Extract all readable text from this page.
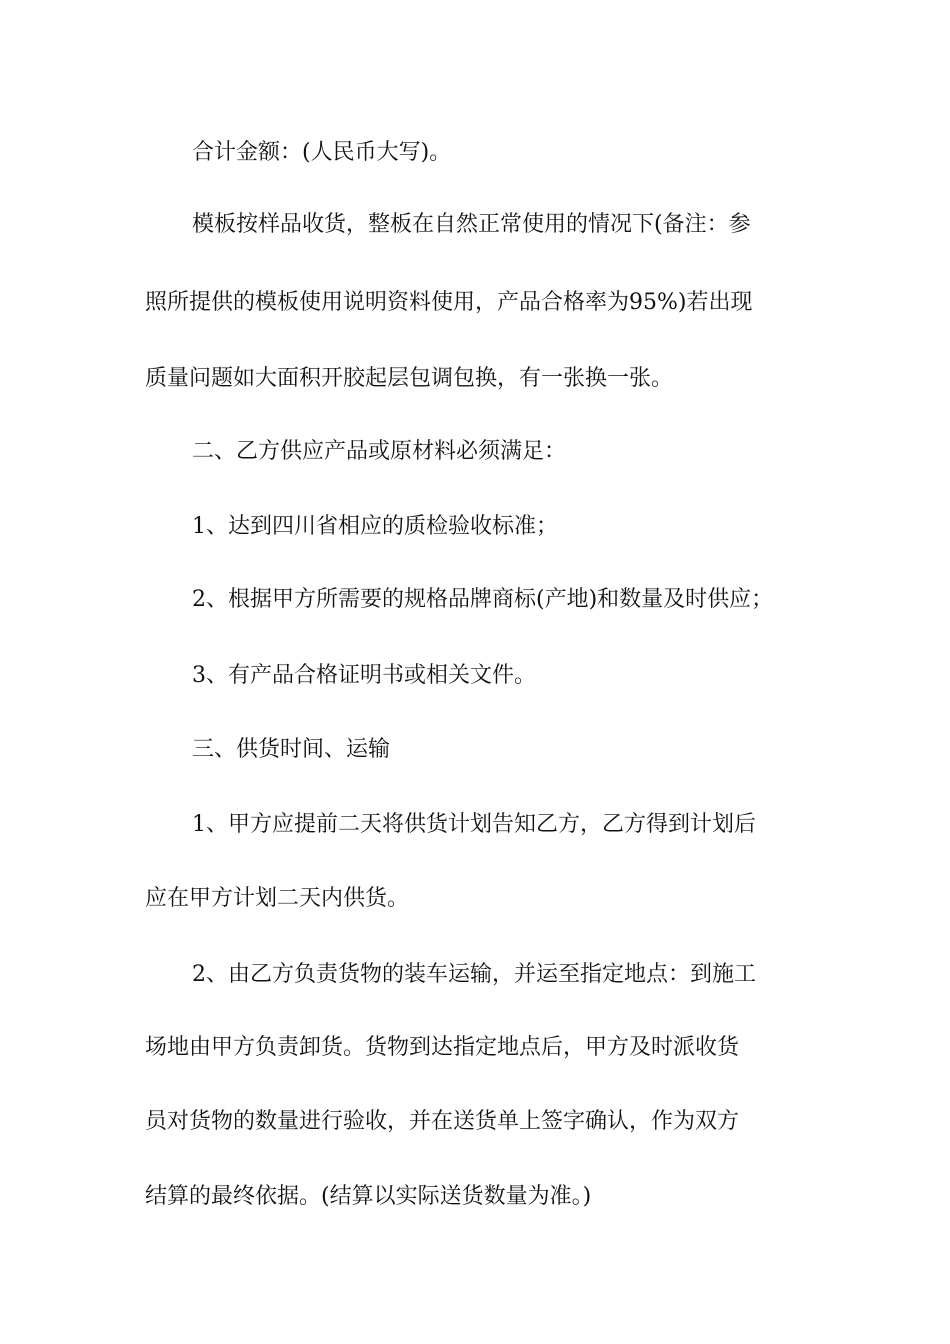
合计金额：(人民币大写)。

模板按样品收货，整板在自然正常使用的情况下(备注：参

照所提供的模板使用说明资料使用，产品合格率为95%)若出现

质量问题如大面积开胶起层包调包换，有一张换一张。

二、乙方供应产品或原材料必须满足：

1、达到四川省相应的质检验收标准；

2、根据甲方所需要的规格品牌商标(产地)和数量及时供应；

3、有产品合格证明书或相关文件。

三、供货时间、运输

1、甲方应提前二天将供货计划告知乙方，乙方得到计划后

应在甲方计划二天内供货。

2、由乙方负责货物的装车运输，并运至指定地点：到施工

场地由甲方负责卸货。货物到达指定地点后，甲方及时派收货

员对货物的数量进行验收，并在送货单上签字确认，作为双方

结算的最终依据。(结算以实际送货数量为准。)
